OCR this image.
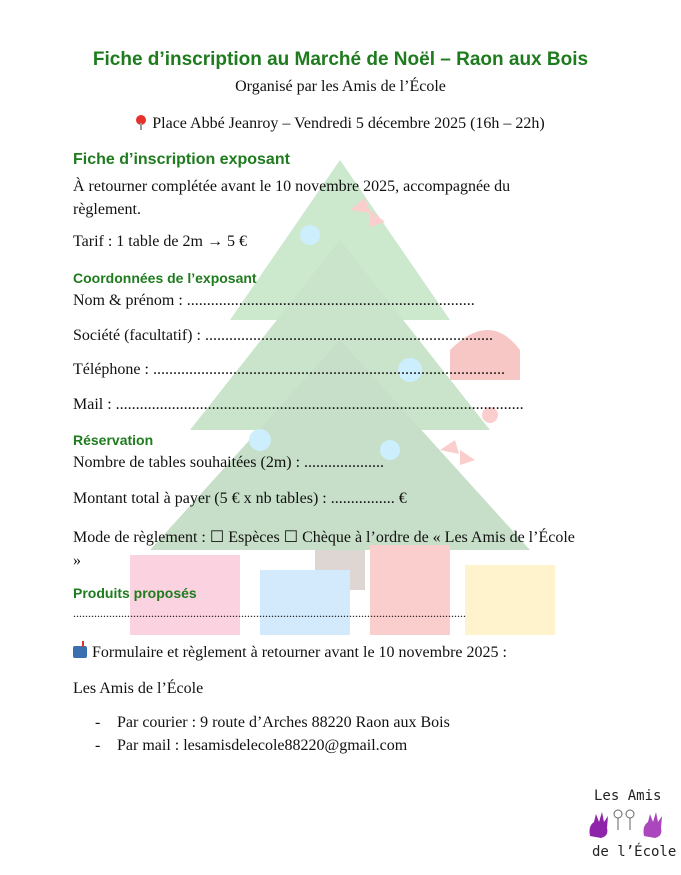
Fiche d’inscription au Marché de Noël – Raon aux Bois
Organisé par les Amis de l’École
Place Abbé Jeanroy – Vendredi 5 décembre 2025 (16h – 22h)
Fiche d’inscription exposant
À retourner complétée avant le 10 novembre 2025, accompagnée du règlement.
Tarif : 1 table de 2m → 5 €
Coordonnées de l’exposant
Nom & prénom : ........................................................................
Société (facultatif) : ........................................................................
Téléphone : ........................................................................................
Mail : ......................................................................................................
Réservation
Nombre de tables souhaitées (2m) : ....................
Montant total à payer (5 € x nb tables) : ................ €
Mode de règlement : ☐ Espèces ☐ Chèque à l’ordre de « Les Amis de l’École »
Produits proposés
...................................................................................................................................
Formulaire et règlement à retourner avant le 10 novembre 2025 :
Les Amis de l’École
- Par courier : 9 route d’Arches 88220 Raon aux Bois
- Par mail : lesamisdelecole88220@gmail.com
Les Amis
de l’École
